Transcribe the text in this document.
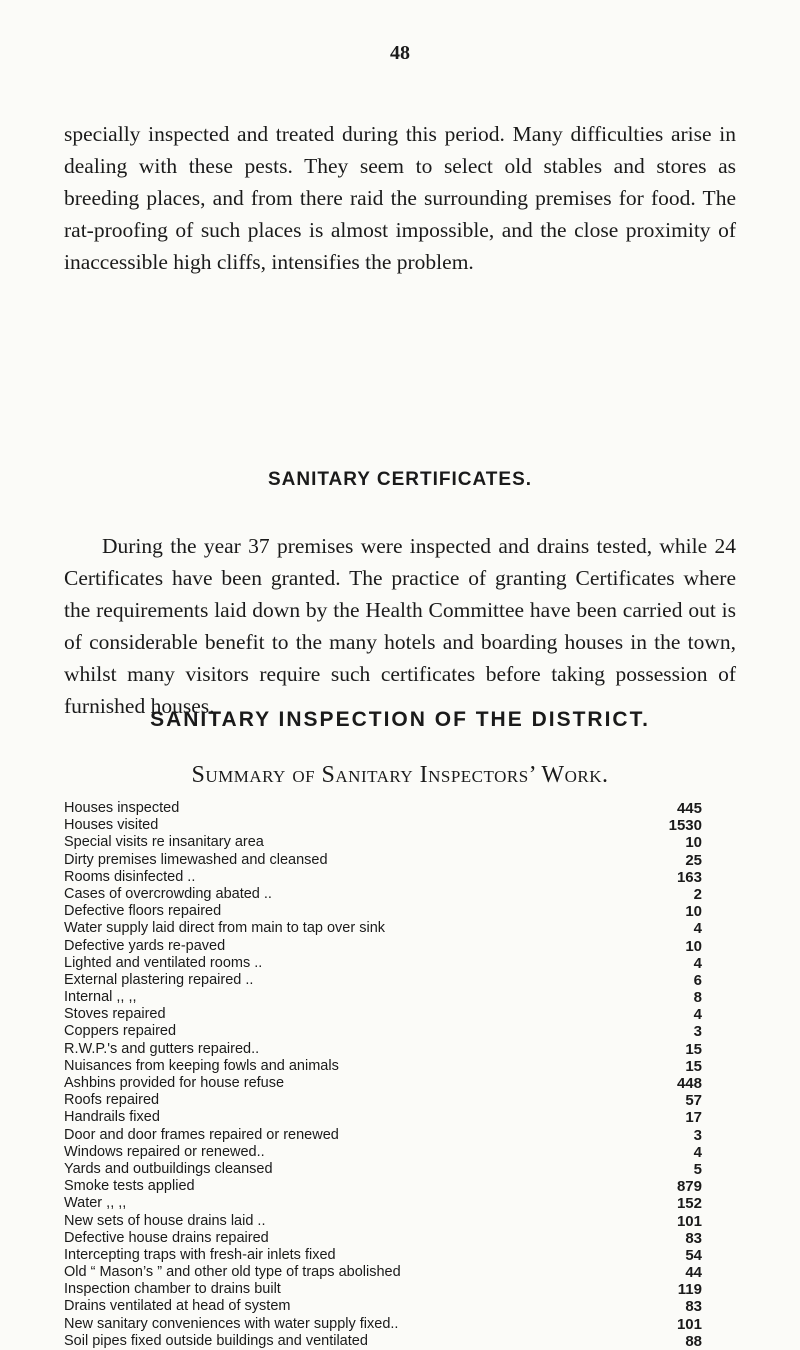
48

specially inspected and treated during this period. Many difficulties arise in dealing with these pests. They seem to select old stables and stores as breeding places, and from there raid the surrounding premises for food. The rat-proofing of such places is almost impossible, and the close proximity of inaccessible high cliffs, intensifies the problem.

SANITARY CERTIFICATES.

During the year 37 premises were inspected and drains tested, while 24 Certificates have been granted. The practice of granting Certificates where the requirements laid down by the Health Committee have been carried out is of considerable benefit to the many hotels and boarding houses in the town, whilst many visitors require such certificates before taking possession of furnished houses.

SANITARY INSPECTION OF THE DISTRICT.
Summary of Sanitary Inspectors’ Work.
Houses inspected	445
Houses visited	1530
Special visits re insanitary area	10
Dirty premises limewashed and cleansed	25
Rooms disinfected ..	163
Cases of overcrowding abated ..	2
Defective floors repaired	10
Water supply laid direct from main to tap over sink	4
Defective yards re-paved	10
Lighted and ventilated rooms ..	4
External plastering repaired ..	6
Internal ,, ,,	8
Stoves repaired	4
Coppers repaired	3
R.W.P.'s and gutters repaired..	15
Nuisances from keeping fowls and animals	15
Ashbins provided for house refuse	448
Roofs repaired	57
Handrails fixed	17
Door and door frames repaired or renewed	3
Windows repaired or renewed..	4
Yards and outbuildings cleansed	5
Smoke tests applied	879
Water ,, ,,	152
New sets of house drains laid ..	101
Defective house drains repaired	83
Intercepting traps with fresh-air inlets fixed	54
Old “ Mason’s ” and other old type of traps abolished	44
Inspection chamber to drains built	119
Drains ventilated at head of system	83
New sanitary conveniences with water supply fixed..	101
Soil pipes fixed outside buildings and ventilated	88
